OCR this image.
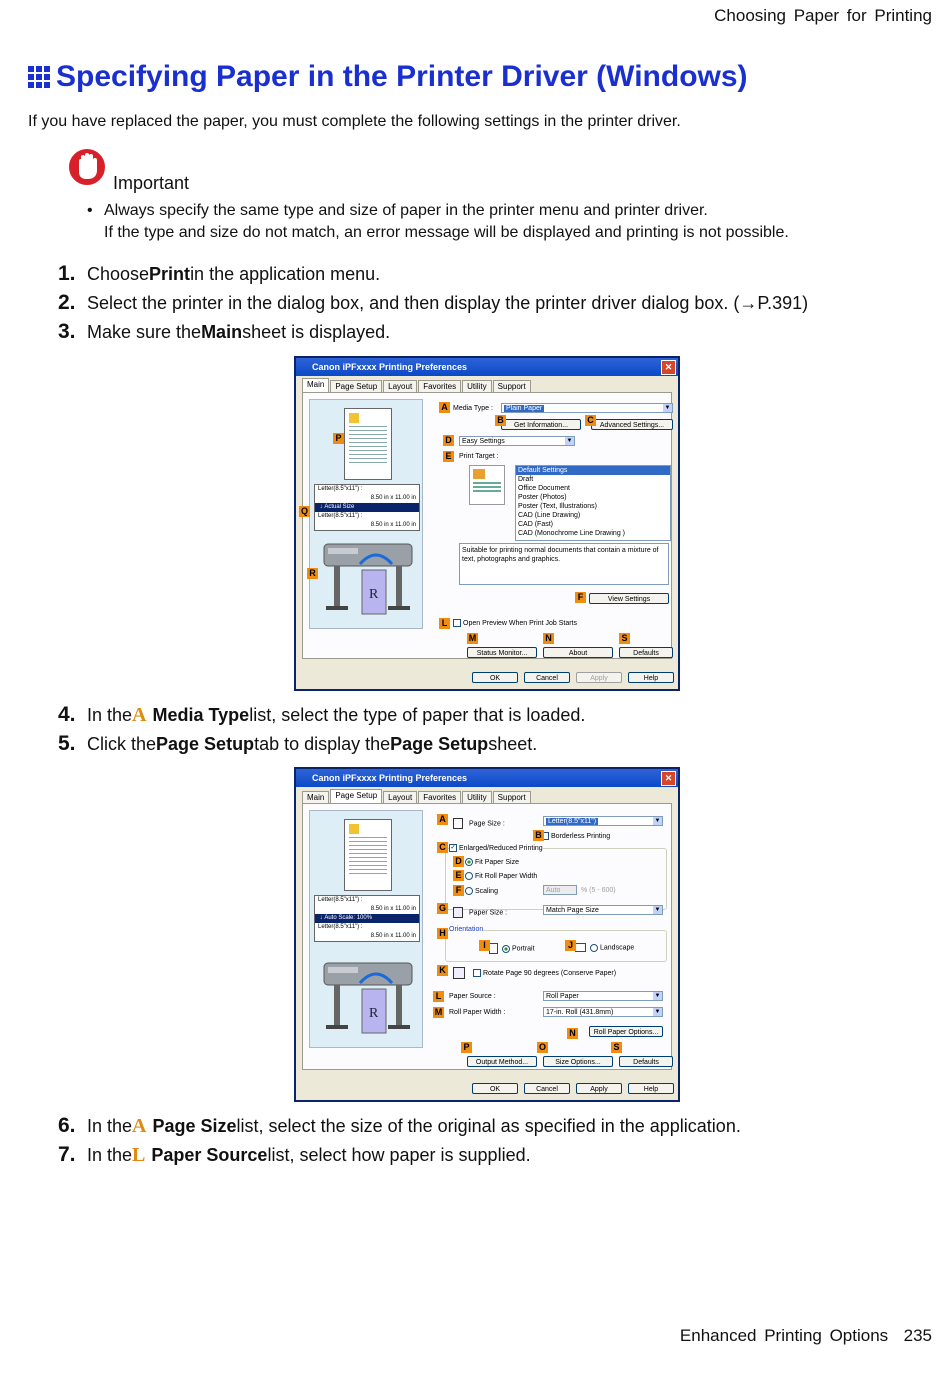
Choosing Paper for Printing
Specifying Paper in the Printer Driver (Windows)
If you have replaced the paper, you must complete the following settings in the printer driver.
Important
• Always specify the same type and size of paper in the printer menu and printer driver.
If the type and size do not match, an error message will be displayed and printing is not possible.
1. Choose Print in the application menu.
2. Select the printer in the dialog box, and then display the printer driver dialog box. (→P.391)
3. Make sure the Main sheet is displayed.
Canon iPFxxxx Printing Preferences	✕
Main	Page Setup	Layout	Favorites	Utility	Support
Letter(8.5"x11") :
8.50 in x 11.00 in
↓ Actual Size
Letter(8.5"x11") :
8.50 in x 11.00 in
R
Media Type :	Plain Paper	▼
Get Information...	Advanced Settings...
Easy Settings	▼
Print Target :
Default Settings
Draft
Office Document
Poster (Photos)
Poster (Text, Illustrations)
CAD (Line Drawing)
CAD (Fast)
CAD (Monochrome Line Drawing )
Suitable for printing normal documents that contain a mixture of text, photographs and graphics.
View Settings
Open Preview When Print Job Starts
Status Monitor...	About	Defaults
A
B	C
D
E
P
Q
R
F
L
M	N	S
OK	Cancel	Apply	Help
4. In the A Media Type list, select the type of paper that is loaded.
5. Click the Page Setup tab to display the Page Setup sheet.
Canon iPFxxxx Printing Preferences	✕
Main	Page Setup	Layout	Favorites	Utility	Support
Letter(8.5"x11") :
8.50 in x 11.00 in
↓ Auto Scale: 100%
Letter(8.5"x11") :
8.50 in x 11.00 in
R
Page Size :	Letter(8.5"x11")	▼
Borderless Printing
✓ Enlarged/Reduced Printing
Fit Paper Size
Fit Roll Paper Width
Scaling	Auto	% (5 - 600)
Paper Size :	Match Page Size	▼
Orientation
Portrait	Landscape
Rotate Page 90 degrees (Conserve Paper)
Paper Source :	Roll Paper	▼
Roll Paper Width :	17-in. Roll (431.8mm)	▼
Roll Paper Options...
Output Method...	Size Options...	Defaults
A
B
C
D
E
F
G
H
I	J
K
L
M
N
P	O	S
OK	Cancel	Apply	Help
6. In the A Page Size list, select the size of the original as specified in the application.
7. In the L Paper Source list, select how paper is supplied.
Enhanced Printing Options 235
